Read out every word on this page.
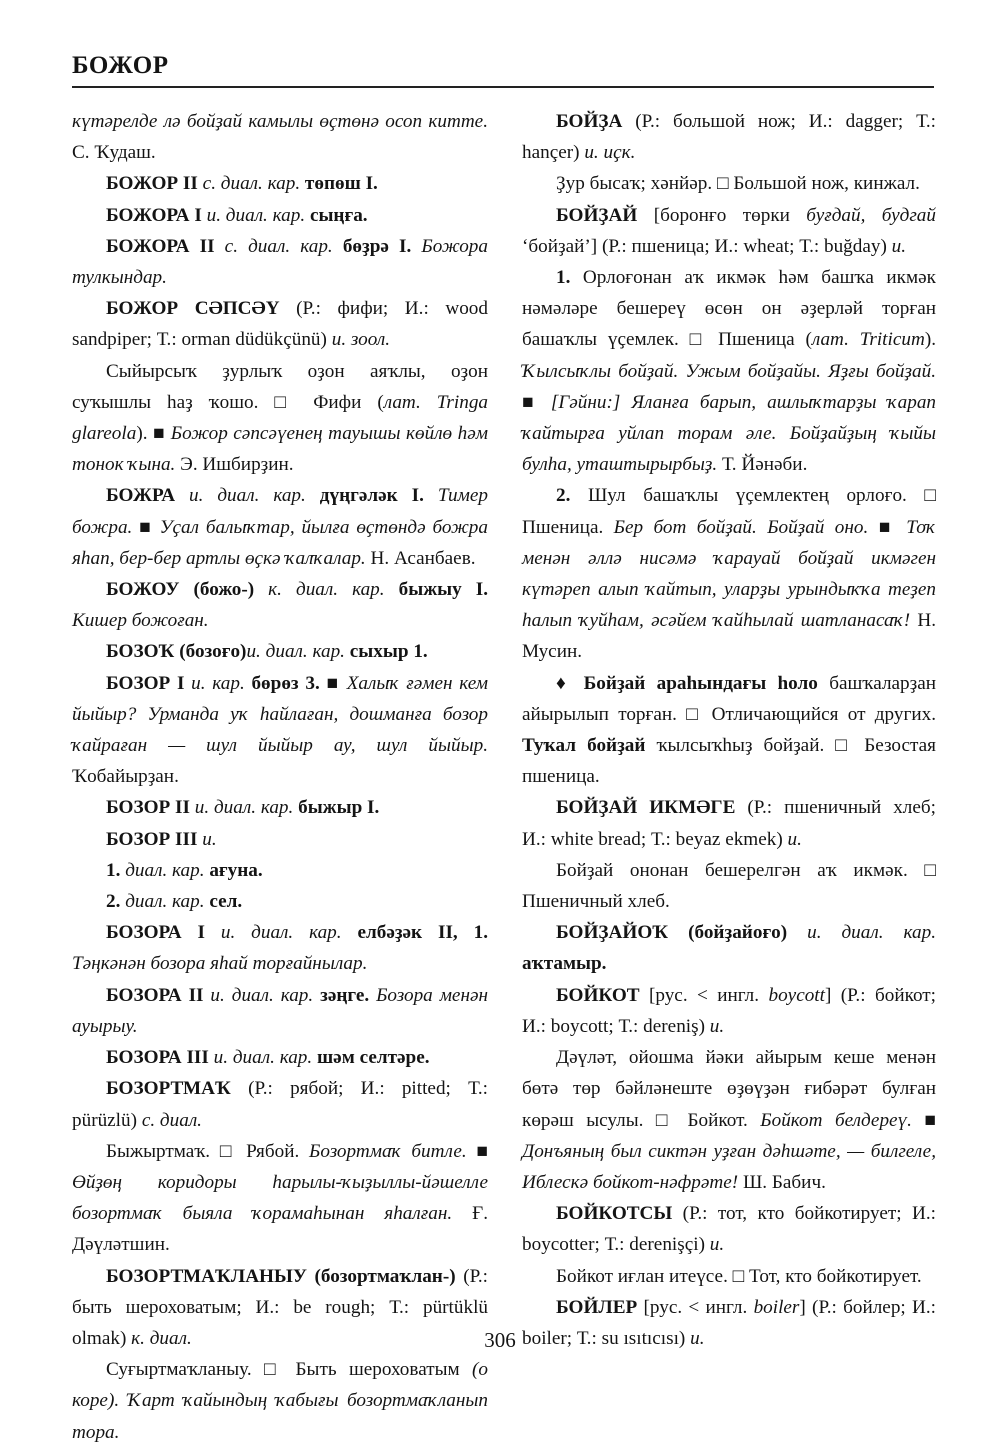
БОЖОР

күтәрелде лә бойҙай камылы өҫтөнә осоп китте. С. Ҡудаш.

БОЖОР II с. диал. кар. төпөш I.

БОЖОРА I и. диал. кар. сыңға.

БОЖОРА II с. диал. кар. бөҙрә I. Божора тулкындар.

БОЖОР СӘПСӘҮ (Р.: фифи; И.: wood sandpiper; Т.: orman düdükçünü) и. зоол.

Сыйырсыҡ ҙурлыҡ оҙон аяҡлы, оҙон суҡышлы һаҙ ҡошо. □ Фифи (лат. Tringa glareola). ■ Божор сәпсәүенең тауышы көйлө һәм тонок ҡына. Э. Ишбирҙин.

БОЖРА и. диал. кар. дүңгәләк I. Тимер божра. ■ Уҫал балыҡтар, йылға өҫтөндә божра яһап, бер-бер артлы өҫкә ҡалҡалар. Н. Асанбаев.

БОЖОУ (божо-) к. диал. кар. быжыу I. Кишер божоған.

БОЗОҠ (бозоғо)и. диал. кар. сыхыр 1.

БОЗОР I и. кар. бөрөз 3. ■ Халыҡ ғәмен кем йыйыр? Урманда уҡ һайлаған, дошманға бозор ҡайраған — шул йыйыр ау, шул йыйыр. Ҡобайырҙан.

БОЗОР II и. диал. кар. быжыр I.

БОЗОР III и.

1. диал. кар. ағуна.

2. диал. кар. сел.

БОЗОРА I и. диал. кар. елбәҙәк II, 1. Тәңкәнән бозора яһай торғайнылар.

БОЗОРА II и. диал. кар. зәңге. Бозора менән ауырыу.

БОЗОРА III и. диал. кар. шәм селтәре.

БОЗОРТМАҠ (Р.: рябой; И.: pitted; Т.: pürüzlü) с. диал.

Быжыртмаҡ. □ Рябой. Бозортмаҡ битле. ■ Өйҙөң коридоры һарылы-ҡыҙыллы-йәшелле бозортмаҡ быяла ҡорамаһынан яһалған. Ғ. Дәүләтшин.

БОЗОРТМАҠЛАНЫУ (бозортмаҡлан-) (Р.: быть шероховатым; И.: be rough; Т.: pürtüklü olmak) к. диал.

Суғыртмаҡланыу. □ Быть шероховатым (о коре). Ҡарт ҡайындың ҡабығы бозортмаҡланып тора.

БОЙҘА (Р.: большой нож; И.: dagger; Т.: hançer) и. иҫк.

Ҙур бысаҡ; хәнйәр. □ Большой нож, кинжал.

БОЙҘАЙ [боронғо төрки буғдай, будгай ‘бойҙай’] (Р.: пшеница; И.: wheat; Т.: buğday) и.

1. Орлоғонан аҡ икмәк һәм башҡа икмәк нәмәләре бешереү өсөн он әҙерләй торған башаҡлы үҫемлек. □ Пшеница (лат. Triticum). Ҡылсыҡлы бойҙай. Ужым бойҙайы. Яҙғы бойҙай. ■ [Гәйни:] Яланға барып, ашлыҡтарҙы ҡарап ҡайтырға уйлап торам әле. Бойҙайҙың ҡыйы булһа, уташтырырбыҙ. Т. Йәнәби.

2. Шул башаҡлы үҫемлектең орлоғо. □ Пшеница. Бер бот бойҙай. Бойҙай оно. ■ Тоҡ менән әллә нисәмә ҡарауай бойҙай икмәген күтәреп алып ҡайтып, уларҙы урындыҡҡа теҙеп һалып ҡуйһам, әсәйем ҡайһылай шатланасаҡ! Н. Мусин.

♦ Бойҙай араһындағы һоло башҡаларҙан айырылып торған. □ Отличающийся от других. Туҡал бойҙай ҡылсыҡһыҙ бойҙай. □ Безостая пшеница.

БОЙҘАЙ ИКМӘГЕ (Р.: пшеничный хлеб; И.: white bread; Т.: beyaz ekmek) и.

Бойҙай ононан бешерелгән аҡ икмәк. □ Пшеничный хлеб.

БОЙҘАЙОҠ (бойҙайоғо) и. диал. кар. аҡтамыр.

БОЙКОТ [рус. < ингл. boycott] (Р.: бойкот; И.: boycott; Т.: dereniş) и.

Дәүләт, ойошма йәки айырым кеше менән бөтә төр бәйләнеште өҙөүҙән ғибәрәт булған көрәш ысулы. □ Бойкот. Бойкот белдереү. ■ Донъяның был сиктән уҙған дәһшәте, — билгеле, Иблескә бойкот-нәфрәте! Ш. Бабич.

БОЙКОТСЫ (Р.: тот, кто бойкотирует; И.: boycotter; Т.: derenişçi) и.

Бойкот иғлан итеүсе. □ Тот, кто бойкотирует.

БОЙЛЕР [рус. < ингл. boiler] (Р.: бойлер; И.: boiler; Т.: su ısıtıcısı) и.

306
